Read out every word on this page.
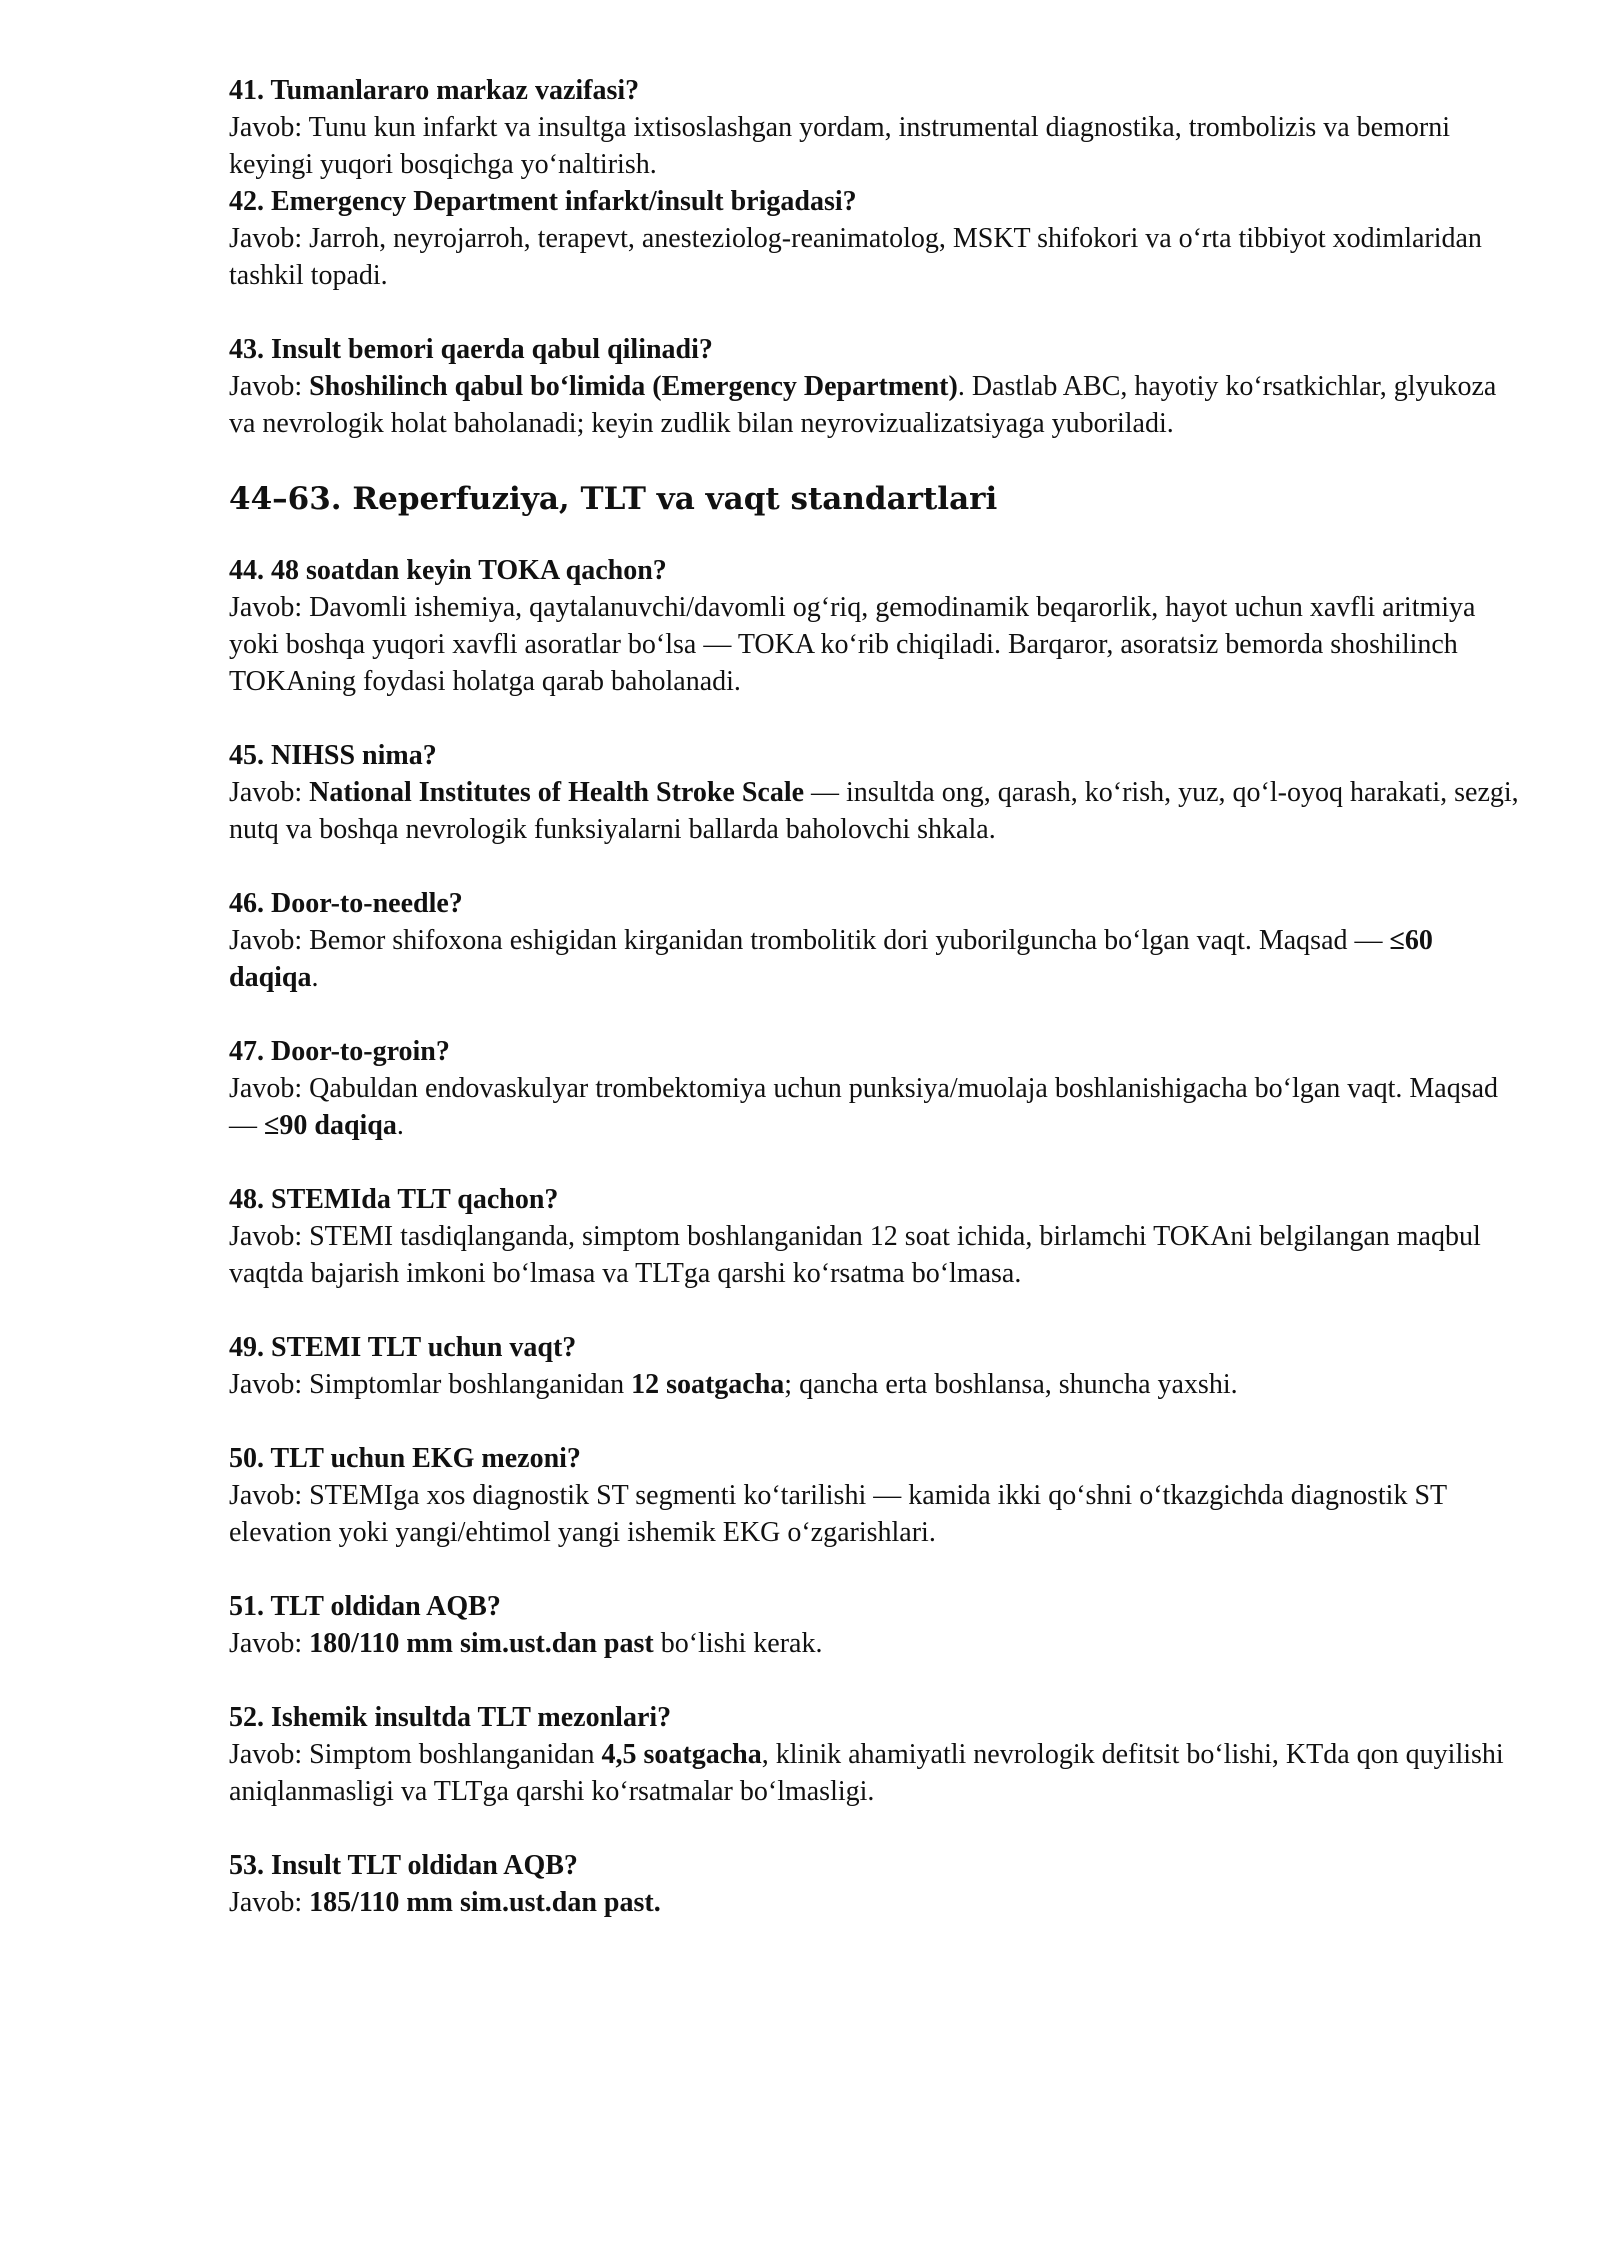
41. Tumanlararo markaz vazifasi?

Javob: Tunu kun infarkt va insultga ixtisoslashgan yordam, instrumental diagnostika, trombolizis va bemorni keyingi yuqori bosqichga yo‘naltirish.

42. Emergency Department infarkt/insult brigadasi?

Javob: Jarroh, neyrojarroh, terapevt, anesteziolog-reanimatolog, MSKT shifokori va o‘rta tibbiyot xodimlaridan tashkil topadi.

43. Insult bemori qaerda qabul qilinadi?

Javob: Shoshilinch qabul bo‘limida (Emergency Department). Dastlab ABC, hayotiy ko‘rsatkichlar, glyukoza va nevrologik holat baholanadi; keyin zudlik bilan neyrovizualizatsiyaga yuboriladi.

44–63. Reperfuziya, TLT va vaqt standartlari

44. 48 soatdan keyin TOKA qachon?

Javob: Davomli ishemiya, qaytalanuvchi/davomli og‘riq, gemodinamik beqarorlik, hayot uchun xavfli aritmiya yoki boshqa yuqori xavfli asoratlar bo‘lsa — TOKA ko‘rib chiqiladi. Barqaror, asoratsiz bemorda shoshilinch TOKAning foydasi holatga qarab baholanadi.

45. NIHSS nima?

Javob: National Institutes of Health Stroke Scale — insultda ong, qarash, ko‘rish, yuz, qo‘l-oyoq harakati, sezgi, nutq va boshqa nevrologik funksiyalarni ballarda baholovchi shkala.

46. Door-to-needle?

Javob: Bemor shifoxona eshigidan kirganidan trombolitik dori yuborilguncha bo‘lgan vaqt. Maqsad — ≤60 daqiqa.

47. Door-to-groin?

Javob: Qabuldan endovaskulyar trombektomiya uchun punksiya/muolaja boshlanishigacha bo‘lgan vaqt. Maqsad — ≤90 daqiqa.

48. STEMIda TLT qachon?

Javob: STEMI tasdiqlanganda, simptom boshlanganidan 12 soat ichida, birlamchi TOKAni belgilangan maqbul vaqtda bajarish imkoni bo‘lmasa va TLTga qarshi ko‘rsatma bo‘lmasa.

49. STEMI TLT uchun vaqt?

Javob: Simptomlar boshlanganidan 12 soatgacha; qancha erta boshlansa, shuncha yaxshi.

50. TLT uchun EKG mezoni?

Javob: STEMIga xos diagnostik ST segmenti ko‘tarilishi — kamida ikki qo‘shni o‘tkazgichda diagnostik ST elevation yoki yangi/ehtimol yangi ishemik EKG o‘zgarishlari.

51. TLT oldidan AQB?

Javob: 180/110 mm sim.ust.dan past bo‘lishi kerak.

52. Ishemik insultda TLT mezonlari?

Javob: Simptom boshlanganidan 4,5 soatgacha, klinik ahamiyatli nevrologik defitsit bo‘lishi, KTda qon quyilishi aniqlanmasligi va TLTga qarshi ko‘rsatmalar bo‘lmasligi.

53. Insult TLT oldidan AQB?

Javob: 185/110 mm sim.ust.dan past.
